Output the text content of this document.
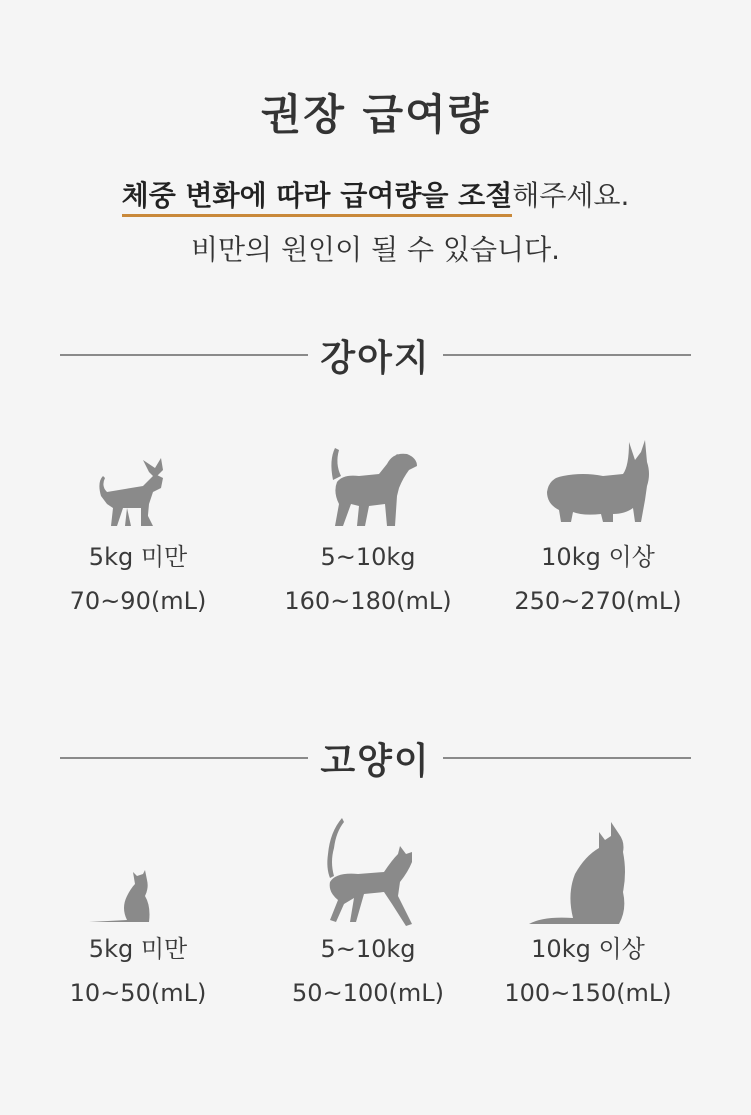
권장 급여량
체중 변화에 따라 급여량을 조절해주세요.
비만의 원인이 될 수 있습니다.
강아지
5kg 미만
70~90(mL)
5~10kg
160~180(mL)
10kg 이상
250~270(mL)
고양이
5kg 미만
10~50(mL)
5~10kg
50~100(mL)
10kg 이상
100~150(mL)
